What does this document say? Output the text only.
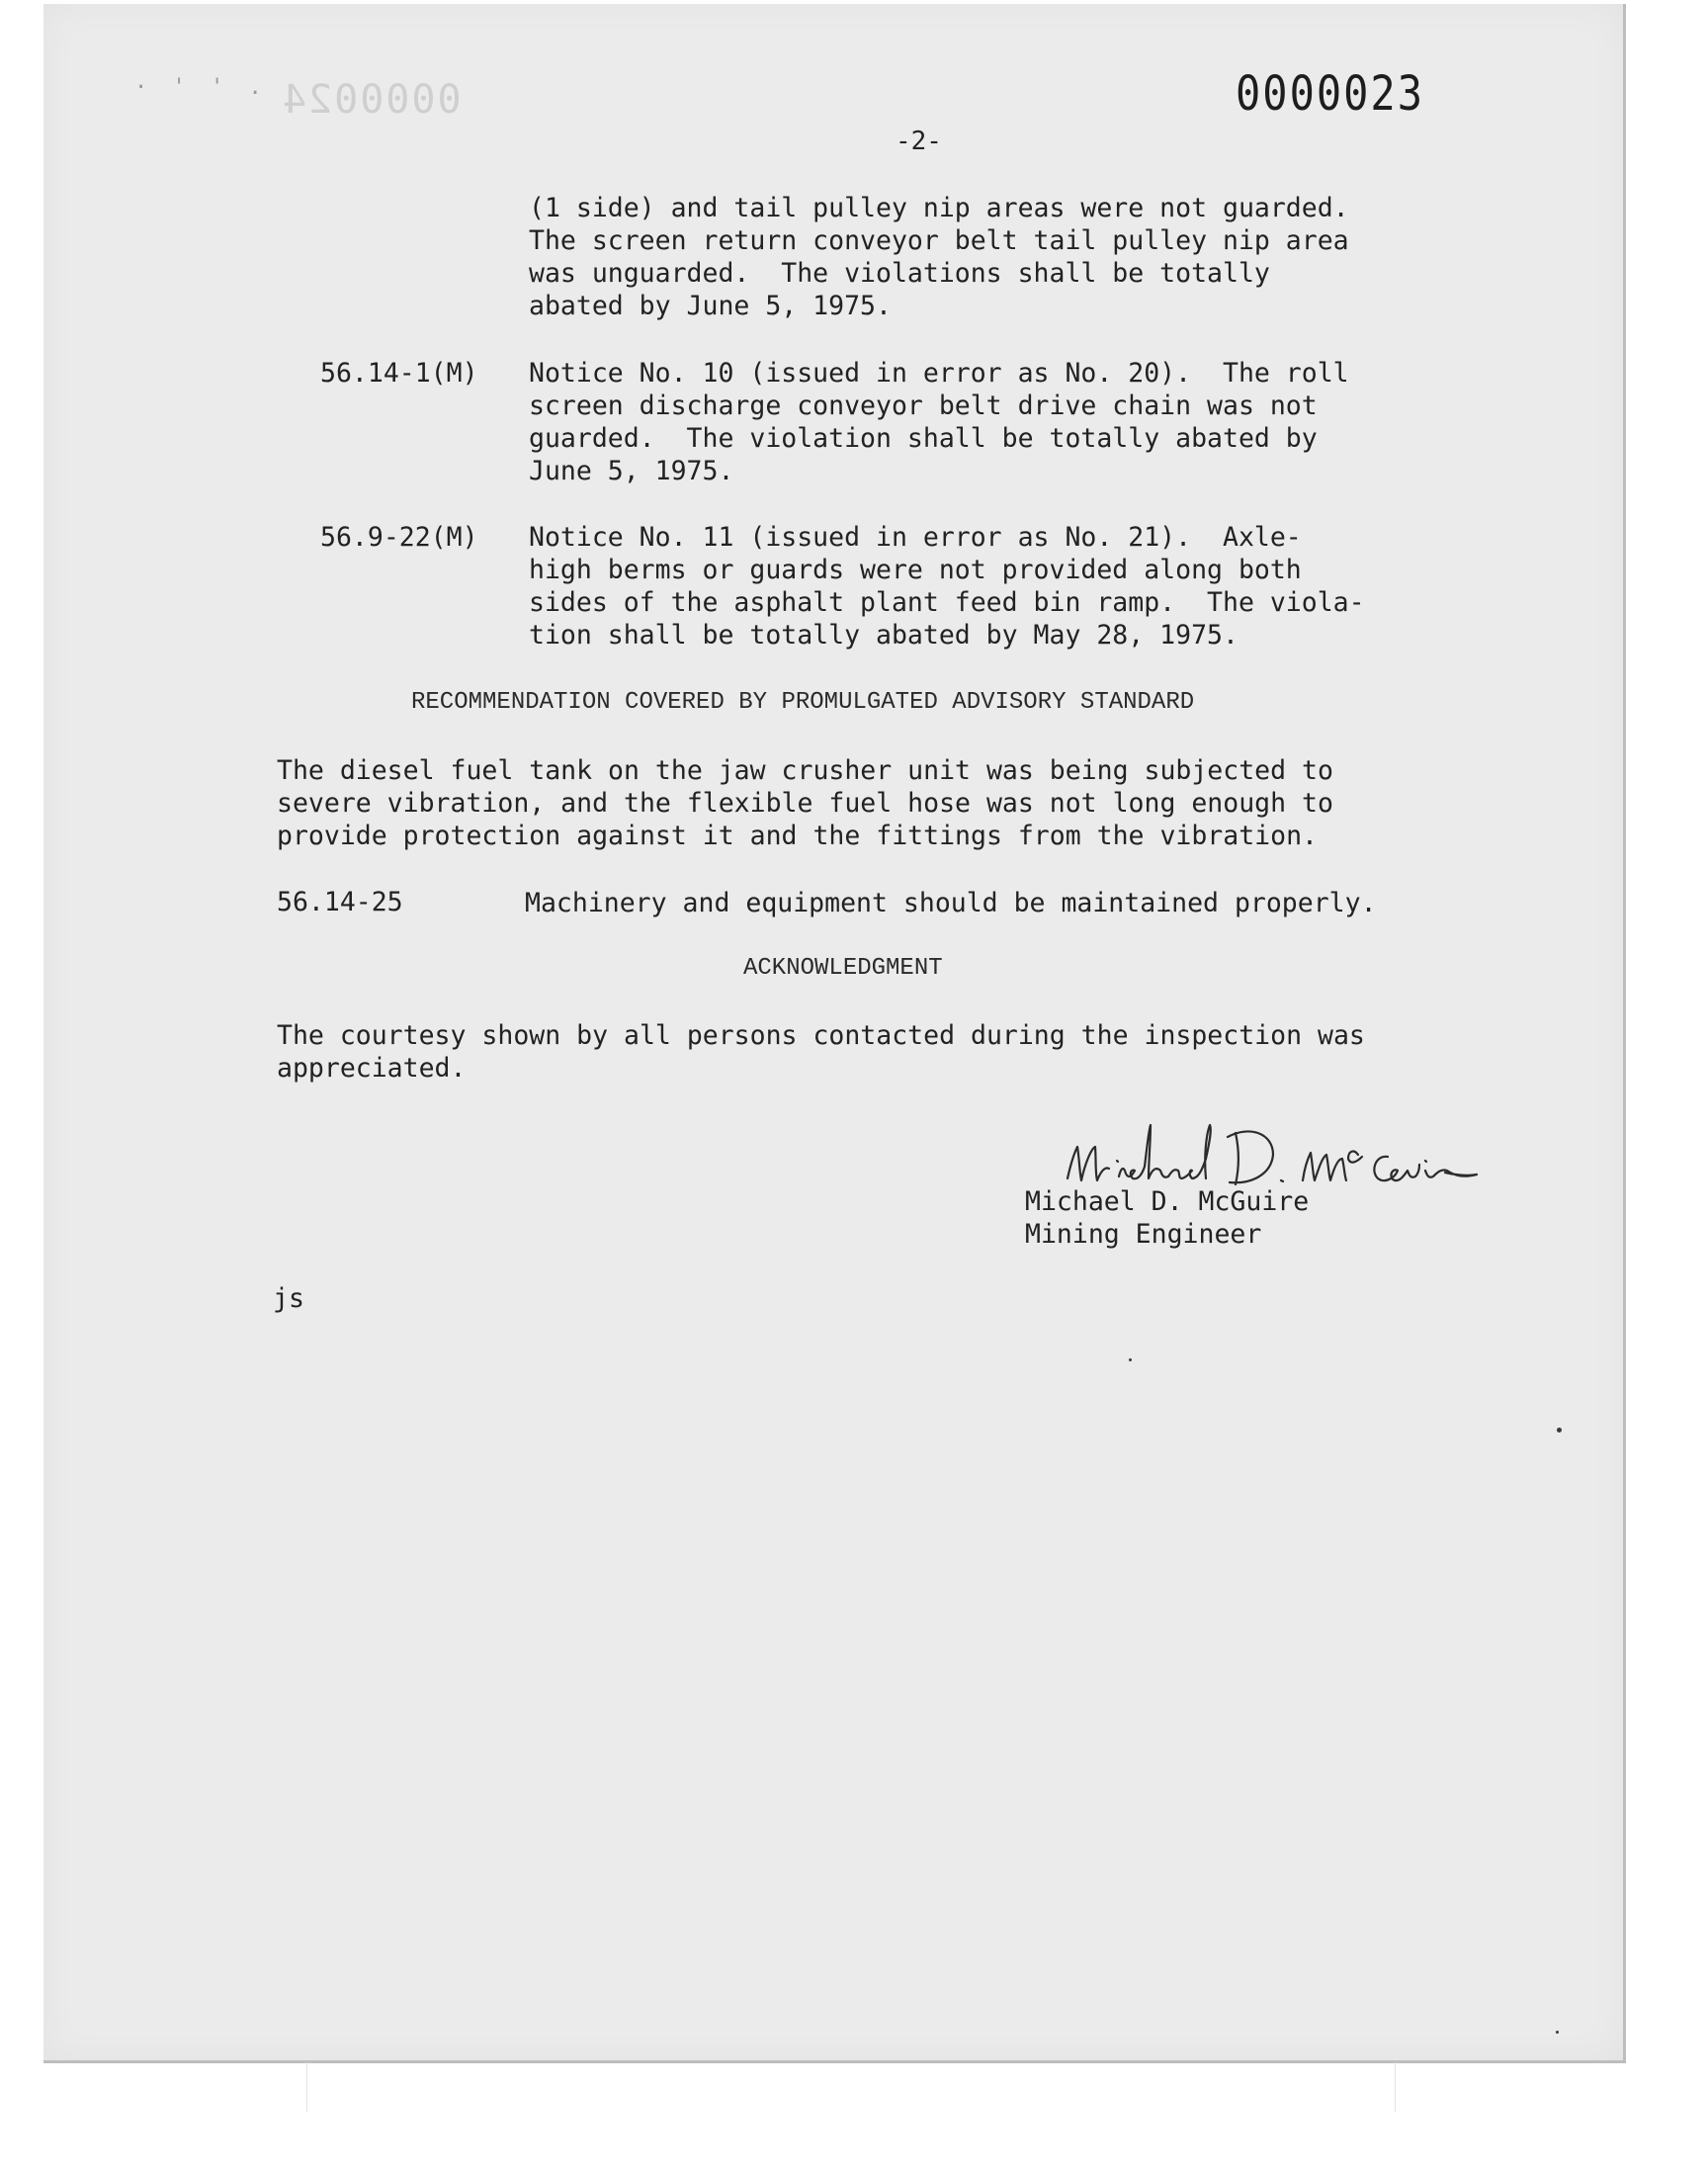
· ' ' . 0000024	0000023
-2-
(1 side) and tail pulley nip areas were not guarded.
The screen return conveyor belt tail pulley nip area
was unguarded.  The violations shall be totally
abated by June 5, 1975.
56.14-1(M) Notice No. 10 (issued in error as No. 20).  The roll
screen discharge conveyor belt drive chain was not
guarded.  The violation shall be totally abated by
June 5, 1975.
56.9-22(M) Notice No. 11 (issued in error as No. 21).  Axle-
high berms or guards were not provided along both
sides of the asphalt plant feed bin ramp.  The viola-
tion shall be totally abated by May 28, 1975.
RECOMMENDATION COVERED BY PROMULGATED ADVISORY STANDARD
The diesel fuel tank on the jaw crusher unit was being subjected to
severe vibration, and the flexible fuel hose was not long enough to
provide protection against it and the fittings from the vibration.
56.14-25	Machinery and equipment should be maintained properly.
ACKNOWLEDGMENT
The courtesy shown by all persons contacted during the inspection was
appreciated.
Michael D. McGuire
Mining Engineer
js
